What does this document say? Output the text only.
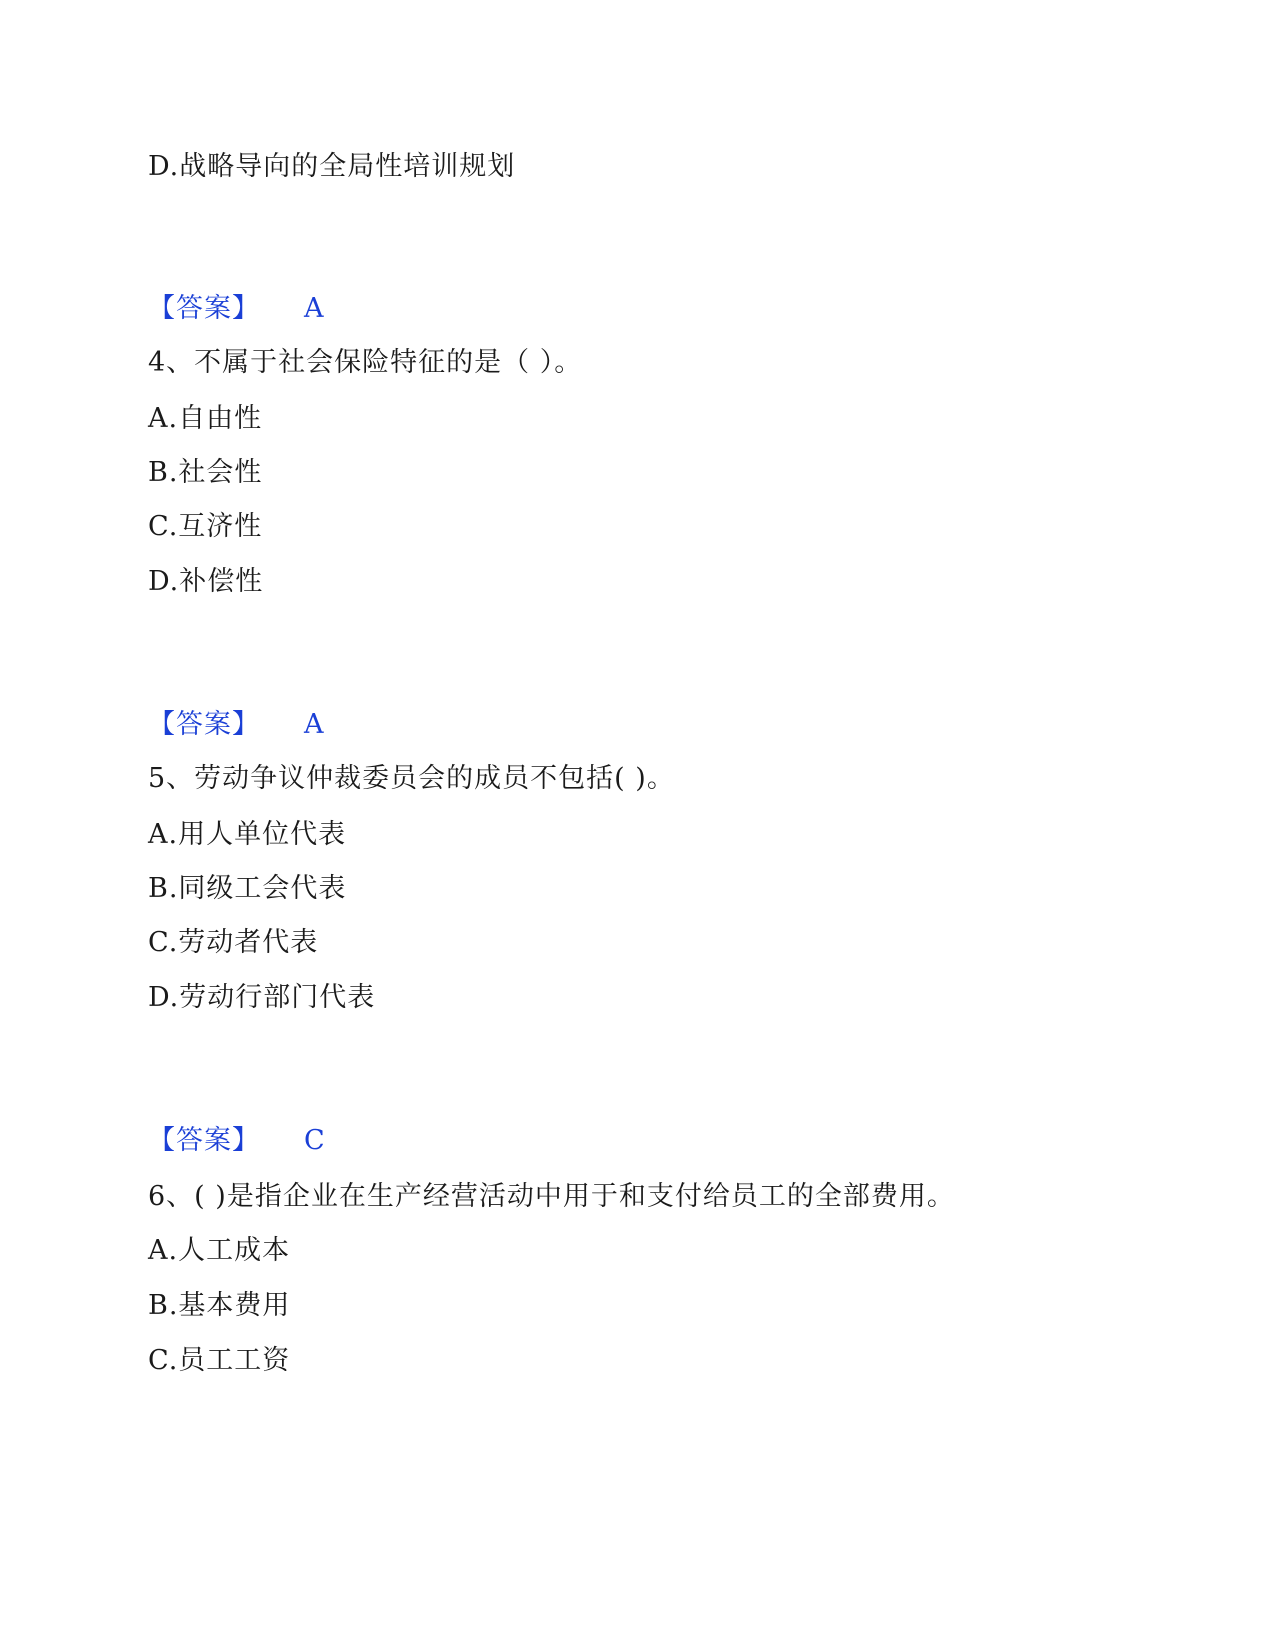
D.战略导向的全局性培训规划
【答案】 A
4、不属于社会保险特征的是（ ）。
A.自由性
B.社会性
C.互济性
D.补偿性
【答案】 A
5、劳动争议仲裁委员会的成员不包括( )。
A.用人单位代表
B.同级工会代表
C.劳动者代表
D.劳动行部门代表
【答案】 C
6、( )是指企业在生产经营活动中用于和支付给员工的全部费用。
A.人工成本
B.基本费用
C.员工工资
